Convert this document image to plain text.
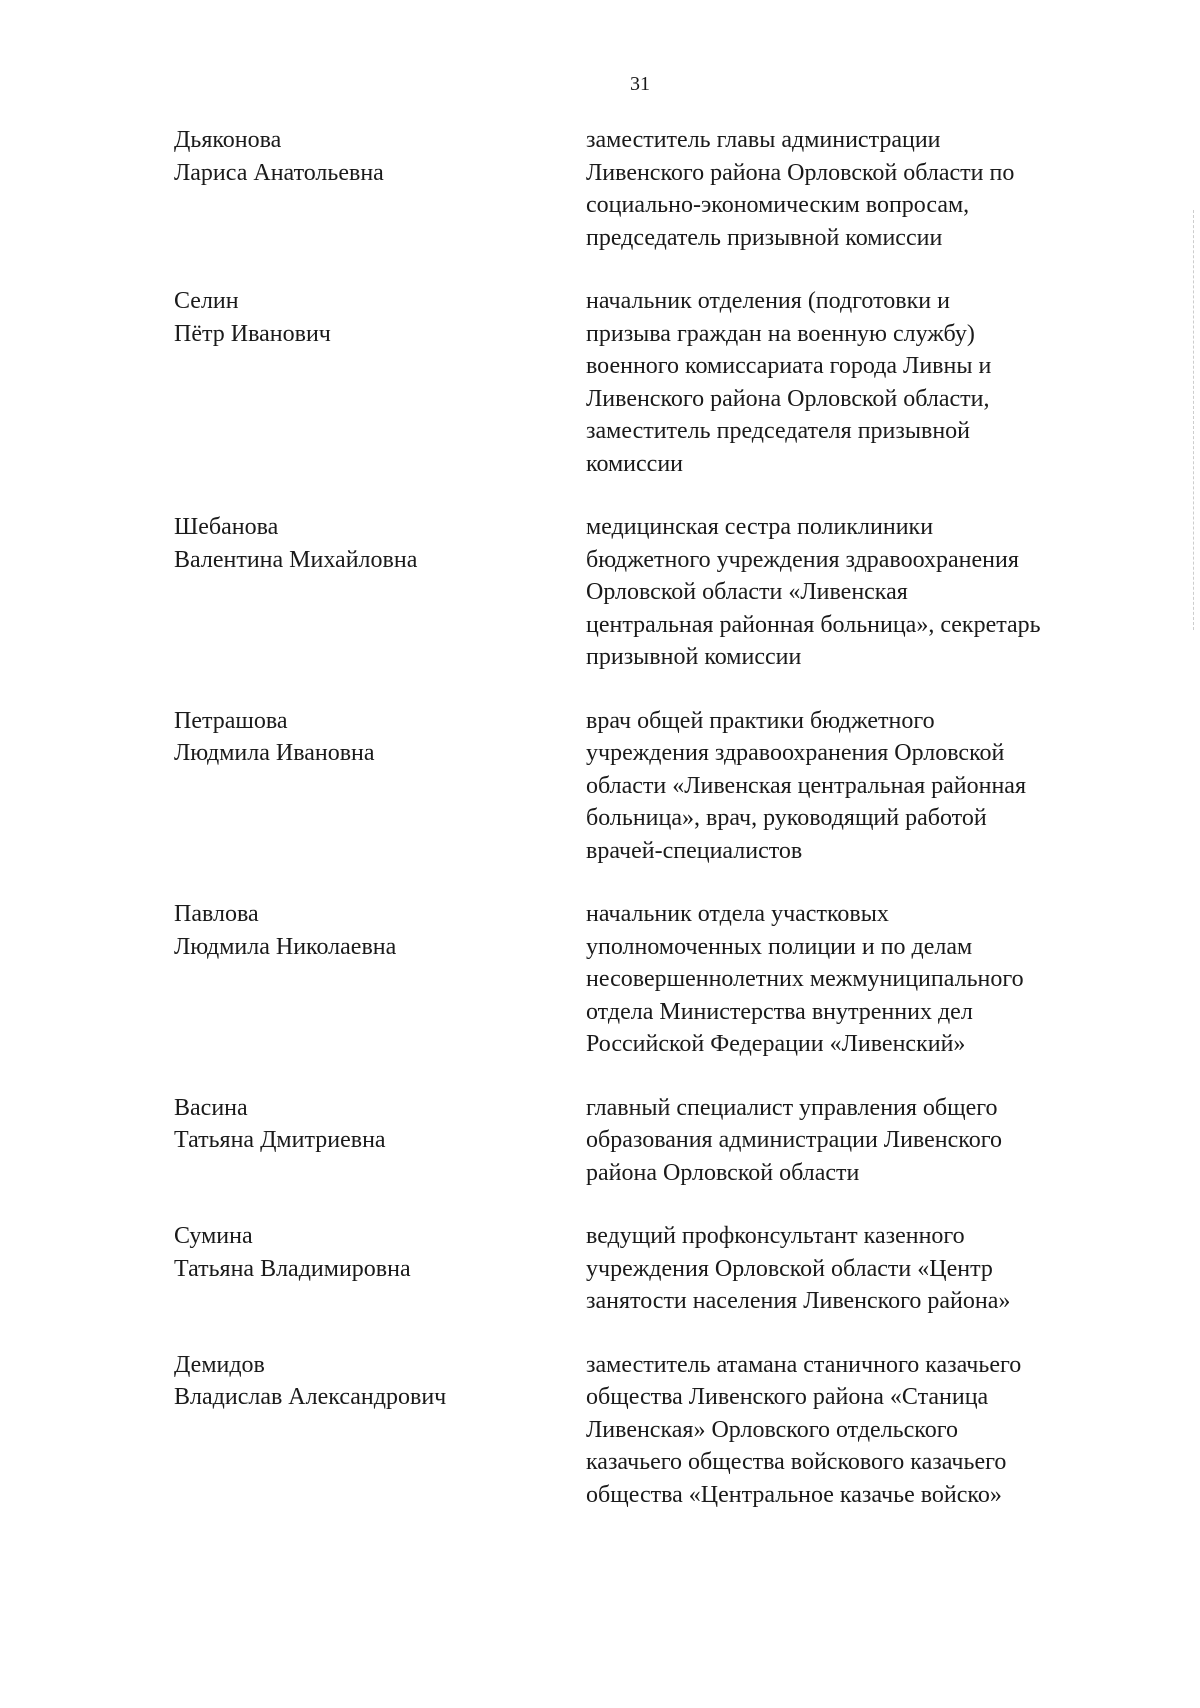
31
Дьяконова
Лариса Анатольевна
заместитель главы администрации
Ливенского района Орловской области по
социально-экономическим вопросам,
председатель призывной комиссии
Селин
Пётр Иванович
начальник отделения (подготовки и
призыва граждан на военную службу)
военного комиссариата города Ливны и
Ливенского района Орловской области,
заместитель председателя призывной
комиссии
Шебанова
Валентина Михайловна
медицинская сестра поликлиники
бюджетного учреждения здравоохранения
Орловской области «Ливенская
центральная районная больница», секретарь
призывной комиссии
Петрашова
Людмила Ивановна
врач общей практики бюджетного
учреждения здравоохранения Орловской
области «Ливенская центральная районная
больница», врач, руководящий работой
врачей-специалистов
Павлова
Людмила Николаевна
начальник отдела участковых
уполномоченных полиции и по делам
несовершеннолетних межмуниципального
отдела Министерства внутренних дел
Российской Федерации «Ливенский»
Васина
Татьяна Дмитриевна
главный специалист управления общего
образования администрации Ливенского
района Орловской области
Сумина
Татьяна Владимировна
ведущий профконсультант казенного
учреждения Орловской области «Центр
занятости населения Ливенского района»
Демидов
Владислав Александрович
заместитель атамана станичного казачьего
общества Ливенского района «Станица
Ливенская» Орловского отдельского
казачьего общества войскового казачьего
общества «Центральное казачье войско»
